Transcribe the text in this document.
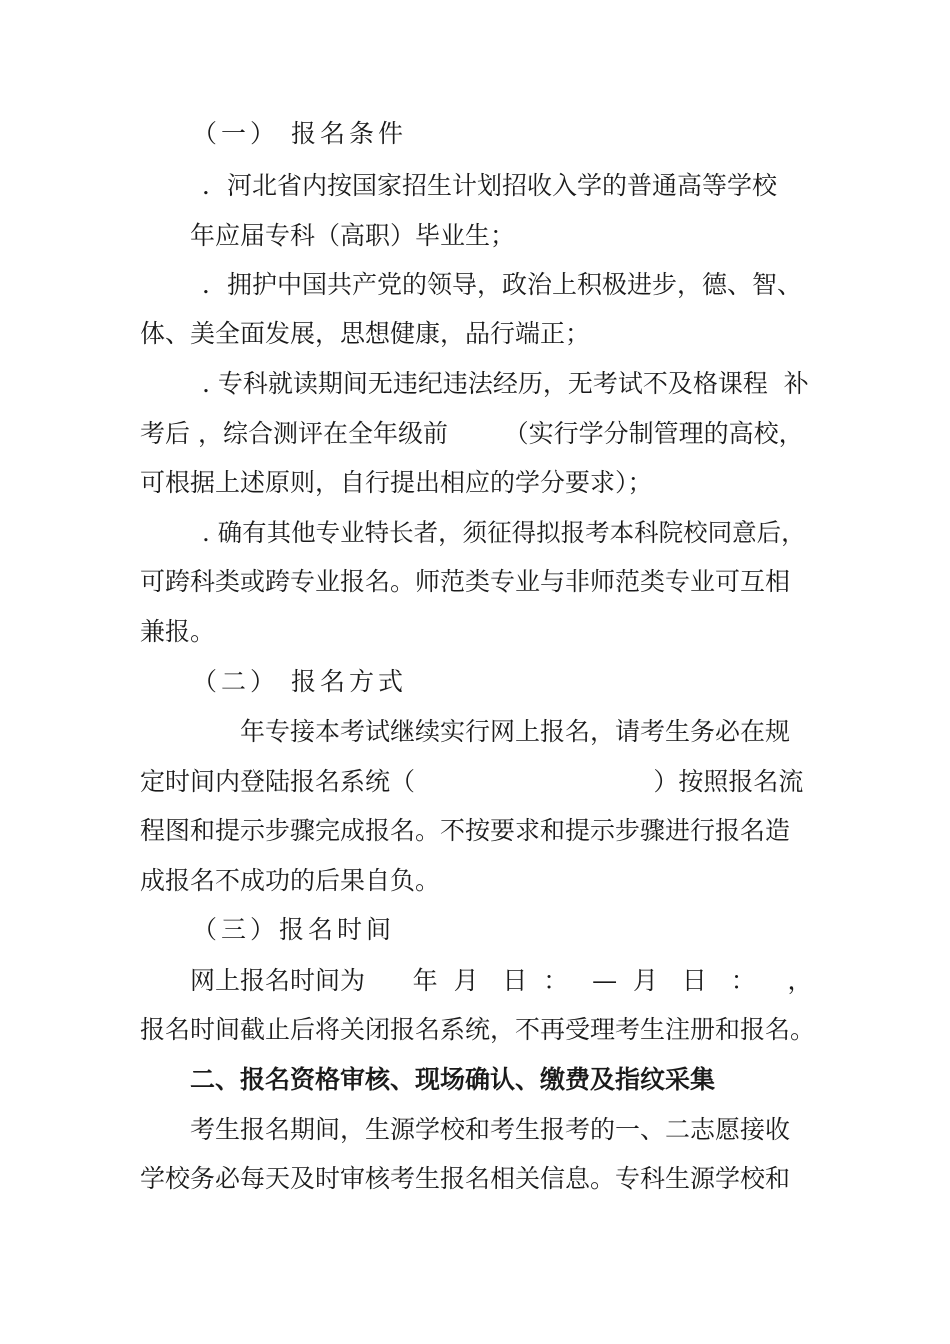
（一） 报名条件
．河北省内按国家招生计划招收入学的普通高等学校
年应届专科（高职）毕业生；
．拥护中国共产党的领导，政治上积极进步，德、智、
体、美全面发展，思想健康，品行端正；
. 专科就读期间无违纪违法经历，无考试不及格课程  补
考后 ，综合测评在全年级前       （实行学分制管理的高校，
可根据上述原则，自行提出相应的学分要求）；
. 确有其他专业特长者，须征得拟报考本科院校同意后，
可跨科类或跨专业报名。师范类专业与非师范类专业可互相
兼报。
（二） 报名方式
年专接本考试继续实行网上报名，请考生务必在规
定时间内登陆报名系统（                              ）按照报名流
程图和提示步骤完成报名。不按要求和提示步骤进行报名造
成报名不成功的后果自负。
（三）报名时间
网上报名时间为      年  月   日  ：   —  月   日   ：    ，
报名时间截止后将关闭报名系统，不再受理考生注册和报名。
二、报名资格审核、现场确认、缴费及指纹采集
考生报名期间，生源学校和考生报考的一、二志愿接收
学校务必每天及时审核考生报名相关信息。专科生源学校和
